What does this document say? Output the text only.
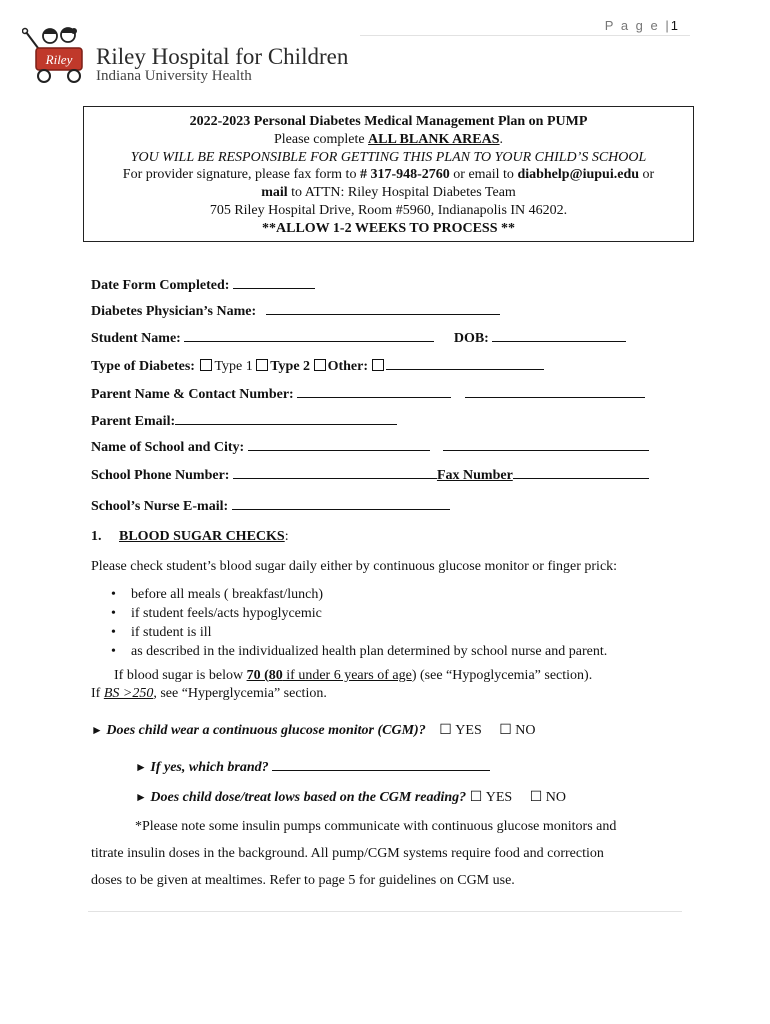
P a g e |1
Riley Riley Hospital for Children
Indiana University Health
2022-2023 Personal Diabetes Medical Management Plan on PUMP
Please complete ALL BLANK AREAS.
YOU WILL BE RESPONSIBLE FOR GETTING THIS PLAN TO YOUR CHILD’S SCHOOL
For provider signature, please fax form to # 317-948-2760 or email to diabhelp@iupui.edu or
mail to ATTN: Riley Hospital Diabetes Team
705 Riley Hospital Drive, Room #5960, Indianapolis IN 46202.
**ALLOW 1-2 WEEKS TO PROCESS **
Date Form Completed:
Diabetes Physician’s Name:
Student Name:	DOB:
Type of Diabetes: Type 1 Type 2 Other:
Parent Name & Contact Number:
Parent Email:
Name of School and City:
School Phone Number:	Fax Number
School’s Nurse E-mail:
1. BLOOD SUGAR CHECKS:
Please check student’s blood sugar daily either by continuous glucose monitor or finger prick:
• before all meals ( breakfast/lunch)
• if student feels/acts hypoglycemic
• if student is ill
• as described in the individualized health plan determined by school nurse and parent.
If blood sugar is below 70 (80 if under 6 years of age) (see “Hypoglycemia” section).
If BS >250, see “Hyperglycemia” section.
► Does child wear a continuous glucose monitor (CGM)? ☐ YES ☐ NO
► If yes, which brand?
► Does child dose/treat lows based on the CGM reading? ☐ YES ☐ NO
*Please note some insulin pumps communicate with continuous glucose monitors and
titrate insulin doses in the background. All pump/CGM systems require food and correction
doses to be given at mealtimes. Refer to page 5 for guidelines on CGM use.
